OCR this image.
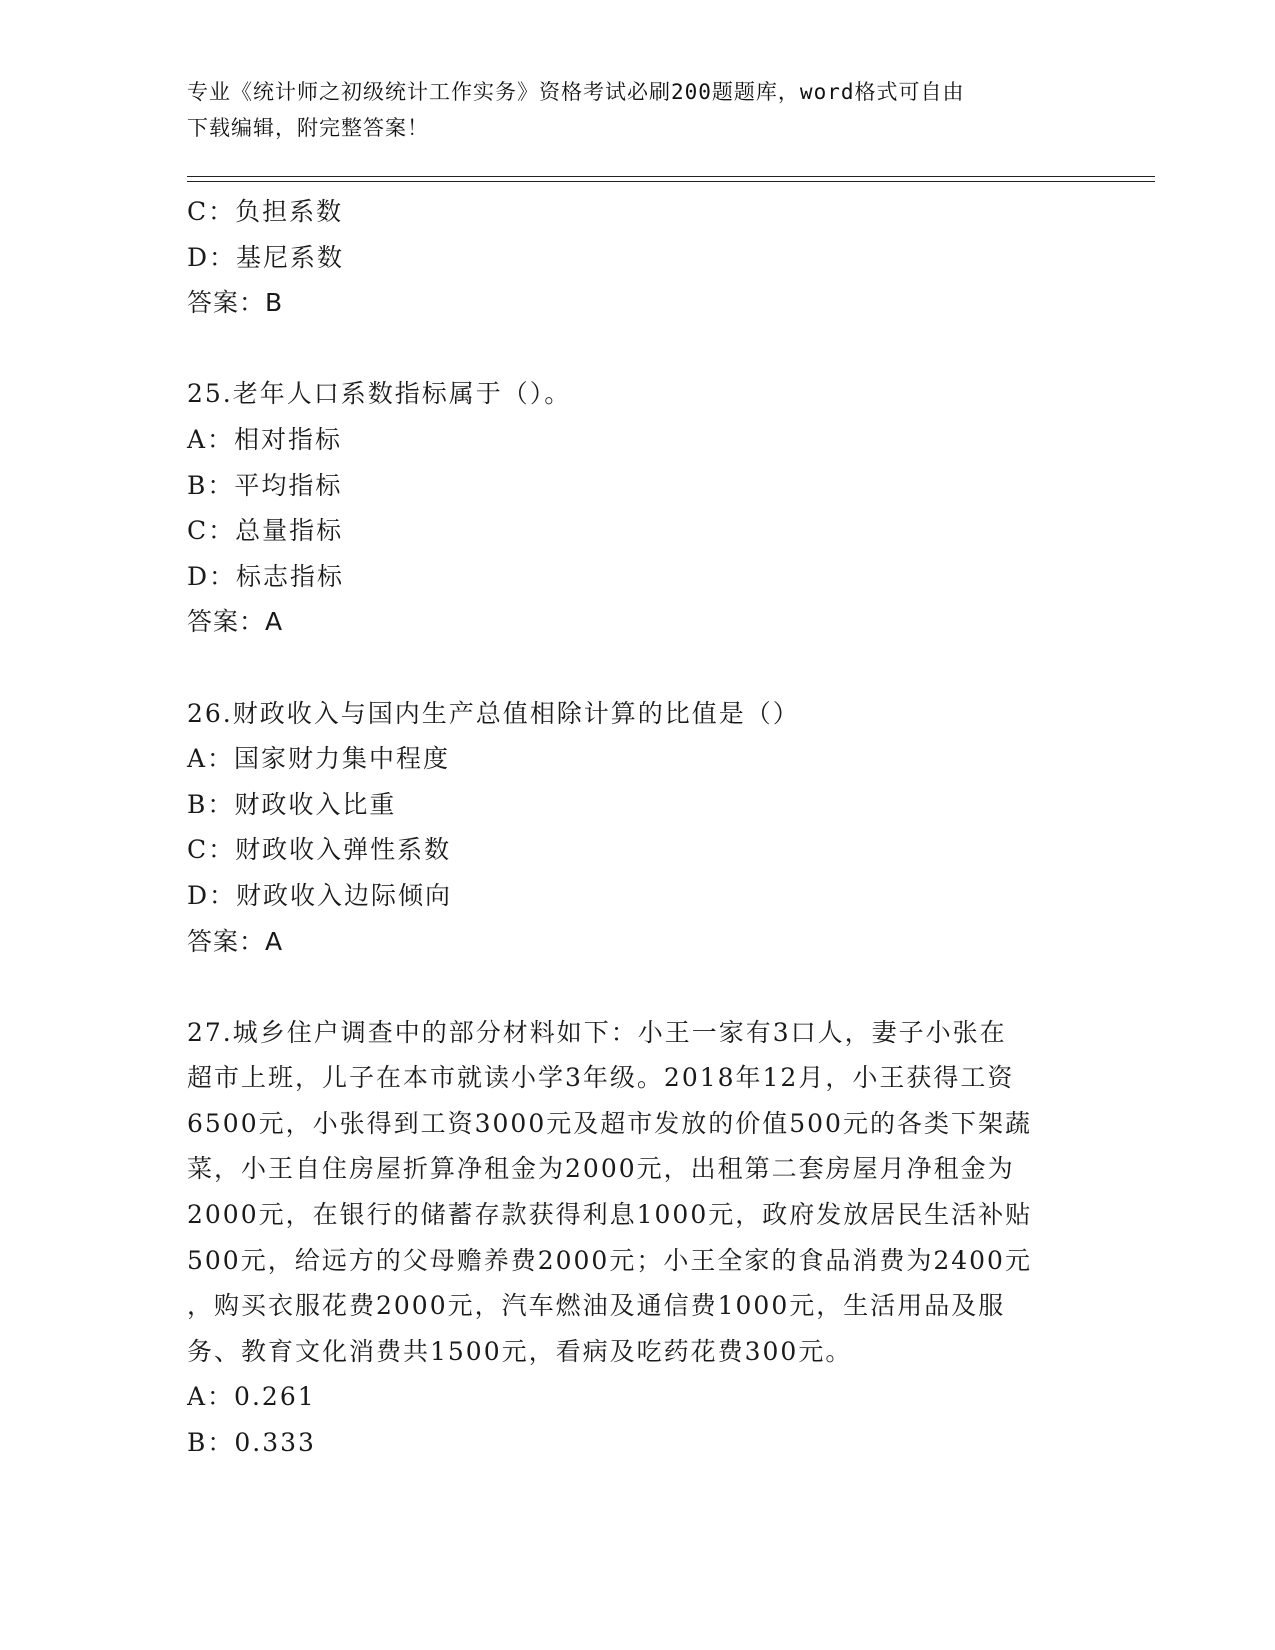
专业《统计师之初级统计工作实务》资格考试必刷200题题库，word格式可自由
下载编辑，附完整答案！
C：负担系数
D：基尼系数
答案：B
25.老年人口系数指标属于（）。
A：相对指标
B：平均指标
C：总量指标
D：标志指标
答案：A
26.财政收入与国内生产总值相除计算的比值是（）
A：国家财力集中程度
B：财政收入比重
C：财政收入弹性系数
D：财政收入边际倾向
答案：A
27.城乡住户调查中的部分材料如下：小王一家有3口人，妻子小张在
超市上班，儿子在本市就读小学3年级。2018年12月，小王获得工资
6500元，小张得到工资3000元及超市发放的价值500元的各类下架蔬
菜，小王自住房屋折算净租金为2000元，出租第二套房屋月净租金为
2000元，在银行的储蓄存款获得利息1000元，政府发放居民生活补贴
500元，给远方的父母赡养费2000元；小王全家的食品消费为2400元
，购买衣服花费2000元，汽车燃油及通信费1000元，生活用品及服
务、教育文化消费共1500元，看病及吃药花费300元。
A：0.261
B：0.333
